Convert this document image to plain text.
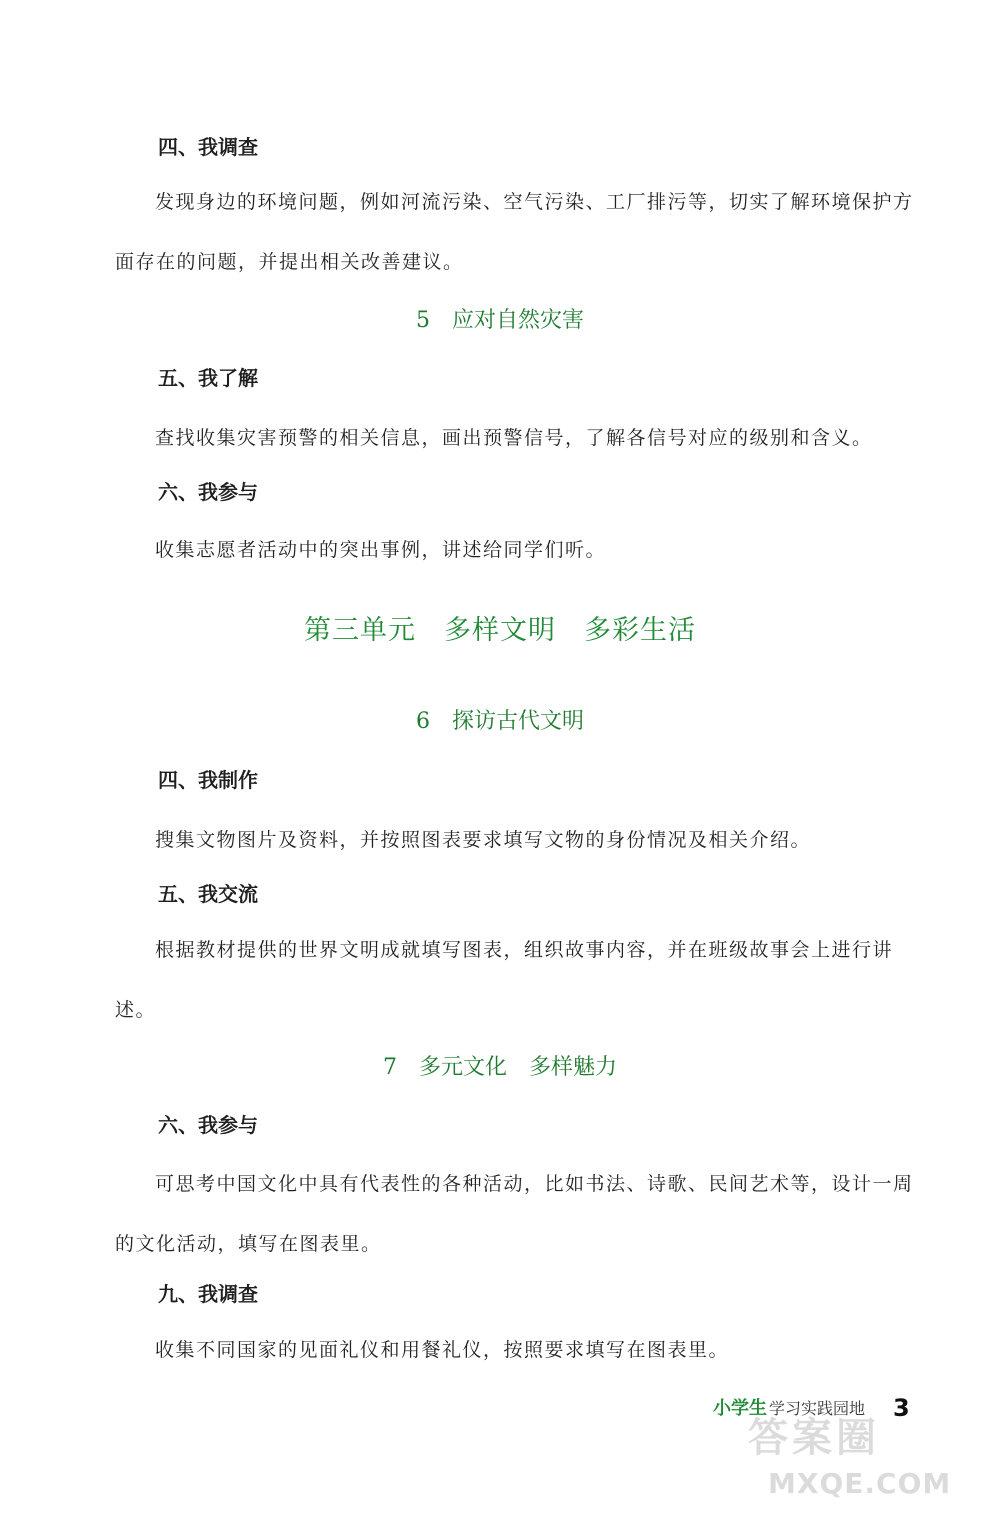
四、我调查

发现身边的环境问题，例如河流污染、空气污染、工厂排污等，切实了解环境保护方面存在的问题，并提出相关改善建议。

5 应对自然灾害
五、我了解

查找收集灾害预警的相关信息，画出预警信号，了解各信号对应的级别和含义。

六、我参与

收集志愿者活动中的突出事例，讲述给同学们听。

第三单元　多样文明　多彩生活
6 探访古代文明
四、我制作

搜集文物图片及资料，并按照图表要求填写文物的身份情况及相关介绍。

五、我交流

根据教材提供的世界文明成就填写图表，组织故事内容，并在班级故事会上进行讲述。

7 多元文化　多样魅力
六、我参与

可思考中国文化中具有代表性的各种活动，比如书法、诗歌、民间艺术等，设计一周的文化活动，填写在图表里。

九、我调查

收集不同国家的见面礼仪和用餐礼仪，按照要求填写在图表里。

小学生 学习实践园地 3
答案圈
MXQE.COM
